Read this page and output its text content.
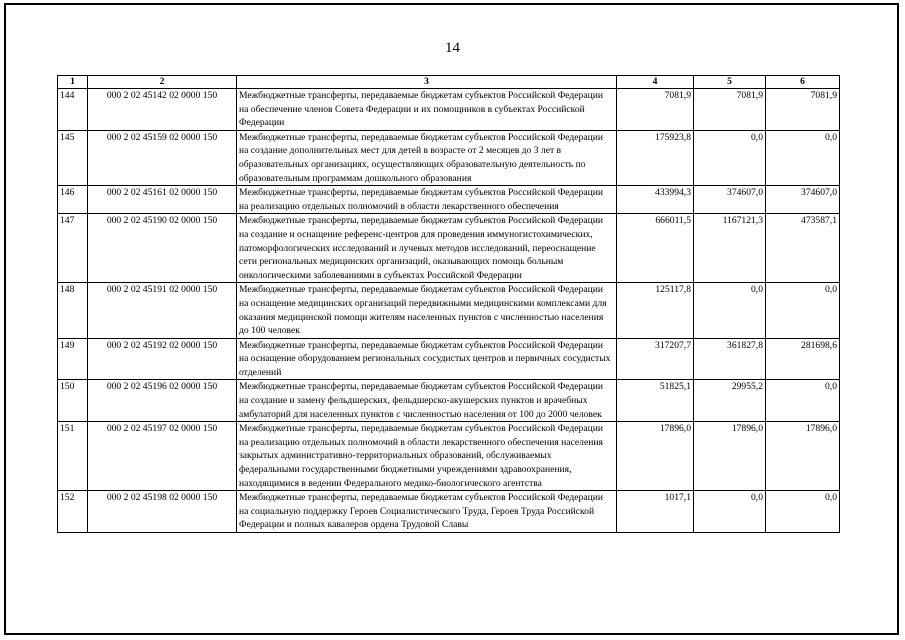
14
1	2	3	4	5	6
144	000 2 02 45142 02 0000 150	Межбюджетные трансферты, передаваемые бюджетам субъектов Российской Федерации на обеспечение членов Совета Федерации и их помощников в субъектах Российской Федерации	7081,9	7081,9	7081,9
145	000 2 02 45159 02 0000 150	Межбюджетные трансферты, передаваемые бюджетам субъектов Российской Федерации на создание дополнительных мест для детей в возрасте от 2 месяцев до 3 лет в образовательных организациях, осуществляющих образовательную деятельность по образовательным программам дошкольного образования	175923,8	0,0	0,0
146	000 2 02 45161 02 0000 150	Межбюджетные трансферты, передаваемые бюджетам субъектов Российской Федерации на реализацию отдельных полномочий в области лекарственного обеспечения	433994,3	374607,0	374607,0
147	000 2 02 45190 02 0000 150	Межбюджетные трансферты, передаваемые бюджетам субъектов Российской Федерации на создание и оснащение референс-центров для проведения иммуногистохимических, патоморфологических исследований и лучевых методов исследований, переоснащение сети региональных медицинских организаций, оказывающих помощь больным онкологическими заболеваниями в субъектах Российской Федерации	666011,5	1167121,3	473587,1
148	000 2 02 45191 02 0000 150	Межбюджетные трансферты, передаваемые бюджетам субъектов Российской Федерации на оснащение медицинских организаций передвижными медицинскими комплексами для оказания медицинской помощи жителям населенных пунктов с численностью населения до 100 человек	125117,8	0,0	0,0
149	000 2 02 45192 02 0000 150	Межбюджетные трансферты, передаваемые бюджетам субъектов Российской Федерации на оснащение оборудованием региональных сосудистых центров и первичных сосудистых отделений	317207,7	361827,8	281698,6
150	000 2 02 45196 02 0000 150	Межбюджетные трансферты, передаваемые бюджетам субъектов Российской Федерации на создание и замену фельдшерских, фельдшерско-акушерских пунктов и врачебных амбулаторий для населенных пунктов с численностью населения от 100 до 2000 человек	51825,1	29955,2	0,0
151	000 2 02 45197 02 0000 150	Межбюджетные трансферты, передаваемые бюджетам субъектов Российской Федерации на реализацию отдельных полномочий в области лекарственного обеспечения населения закрытых административно-территориальных образований, обслуживаемых федеральными государственными бюджетными учреждениями здравоохранения, находящимися в ведении Федерального медико-биологического агентства	17896,0	17896,0	17896,0
152	000 2 02 45198 02 0000 150	Межбюджетные трансферты, передаваемые бюджетам субъектов Российской Федерации на социальную поддержку Героев Социалистического Труда, Героев Труда Российской Федерации и полных кавалеров ордена Трудовой Славы	1017,1	0,0	0,0
